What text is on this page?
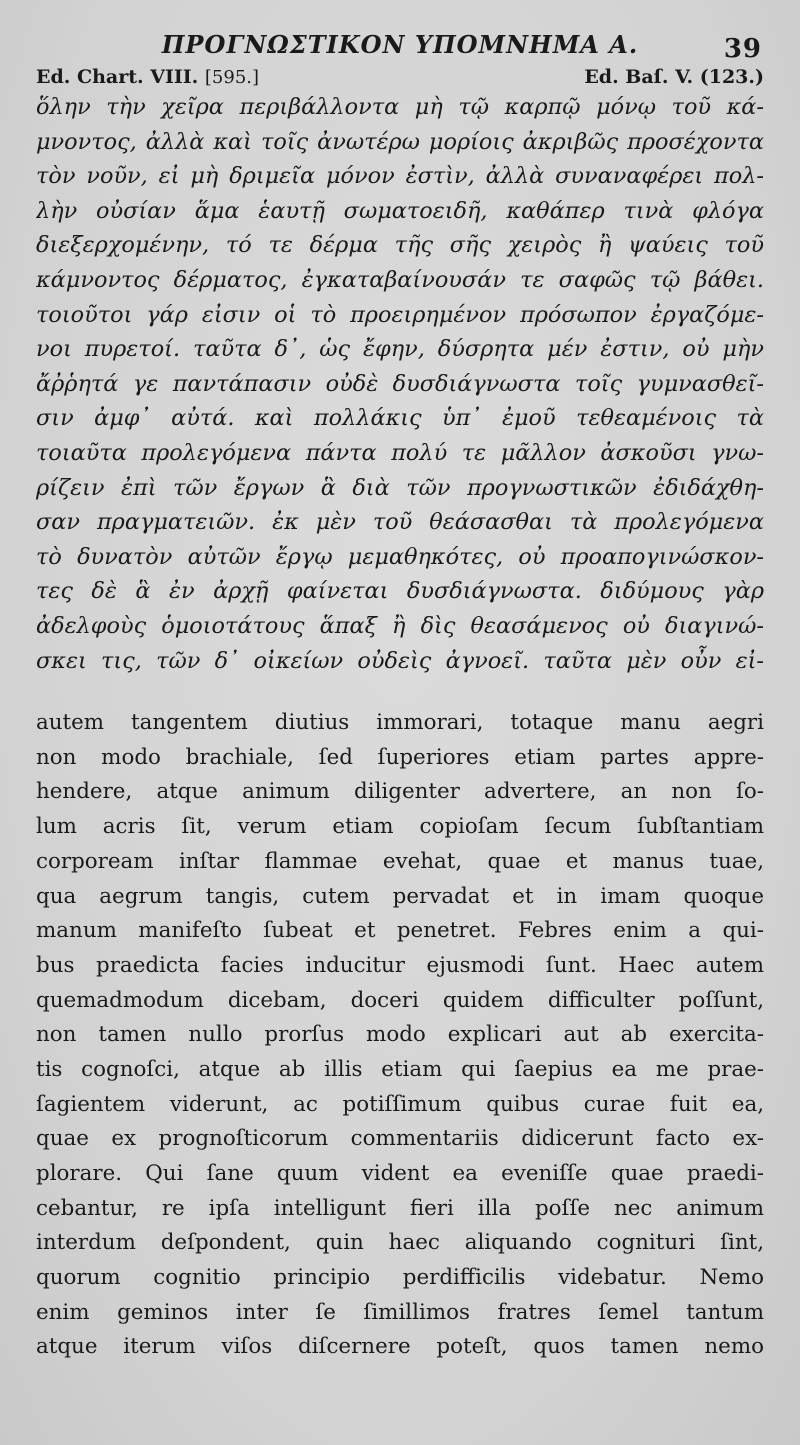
ΠΡΟΓΝΩΣΤΙΚΟΝ ΥΠΟΜΝΗΜΑ Α.	39
Ed. Chart. VIII. [595.]	Ed. Baſ. V. (123.)
ὅλην τὴν χεῖρα περιβάλλοντα μὴ τῷ καρπῷ μόνῳ τοῦ κά-
μνοντος, ἀλλὰ καὶ τοῖς ἀνωτέρω μορίοις ἀκριβῶς προσέχοντα
τὸν νοῦν, εἰ μὴ δριμεῖα μόνον ἐστὶν, ἀλλὰ συναναφέρει πολ-
λὴν οὐσίαν ἅμα ἑαυτῇ σωματοειδῆ, καθάπερ τινὰ φλόγα
διεξερχομένην, τό τε δέρμα τῆς σῆς χειρὸς ἢ ψαύεις τοῦ
κάμνοντος δέρματος, ἐγκαταβαίνουσάν τε σαφῶς τῷ βάθει.
τοιοῦτοι γάρ εἰσιν οἱ τὸ προειρημένον πρόσωπον ἐργαζόμε-
νοι πυρετοί. ταῦτα δ᾽, ὡς ἔφην, δύσρητα μέν ἐστιν, οὐ μὴν
ἄῤῥητά γε παντάπασιν οὐδὲ δυσδιάγνωστα τοῖς γυμνασθεῖ-
σιν ἀμφ᾽ αὐτά. καὶ πολλάκις ὑπ᾽ ἐμοῦ τεθεαμένοις τὰ
τοιαῦτα προλεγόμενα πάντα πολύ τε μᾶλλον ἀσκοῦσι γνω-
ρίζειν ἐπὶ τῶν ἔργων ἃ διὰ τῶν προγνωστικῶν ἐδιδάχθη-
σαν πραγματειῶν. ἐκ μὲν τοῦ θεάσασθαι τὰ προλεγόμενα
τὸ δυνατὸν αὐτῶν ἔργῳ μεμαθηκότες, οὐ προαπογινώσκον-
τες δὲ ἃ ἐν ἀρχῇ φαίνεται δυσδιάγνωστα. διδύμους γὰρ
ἀδελφοὺς ὁμοιοτάτους ἅπαξ ἢ δὶς θεασάμενος οὐ διαγινώ-
σκει τις, τῶν δ᾽ οἰκείων οὐδεὶς ἀγνοεῖ. ταῦτα μὲν οὖν εἰ-
autem tangentem diutius immorari, totaque manu aegri
non modo brachiale, ſed ſuperiores etiam partes appre-
hendere, atque animum diligenter advertere, an non ſo-
lum acris ſit, verum etiam copioſam ſecum ſubſtantiam
corpoream inſtar flammae evehat, quae et manus tuae,
qua aegrum tangis, cutem pervadat et in imam quoque
manum manifeſto ſubeat et penetret. Febres enim a qui-
bus praedicta facies inducitur ejusmodi ſunt. Haec autem
quemadmodum dicebam, doceri quidem difficulter poſſunt,
non tamen nullo prorſus modo explicari aut ab exercita-
tis cognoſci, atque ab illis etiam qui ſaepius ea me prae-
ſagientem viderunt, ac potiſſimum quibus curae fuit ea,
quae ex prognoſticorum commentariis didicerunt facto ex-
plorare. Qui ſane quum vident ea eveniſſe quae praedi-
cebantur, re ipſa intelligunt fieri illa poſſe nec animum
interdum deſpondent, quin haec aliquando cognituri ſint,
quorum cognitio principio perdifficilis videbatur. Nemo
enim geminos inter ſe ſimillimos fratres ſemel tantum
atque iterum viſos diſcernere poteſt, quos tamen nemo
